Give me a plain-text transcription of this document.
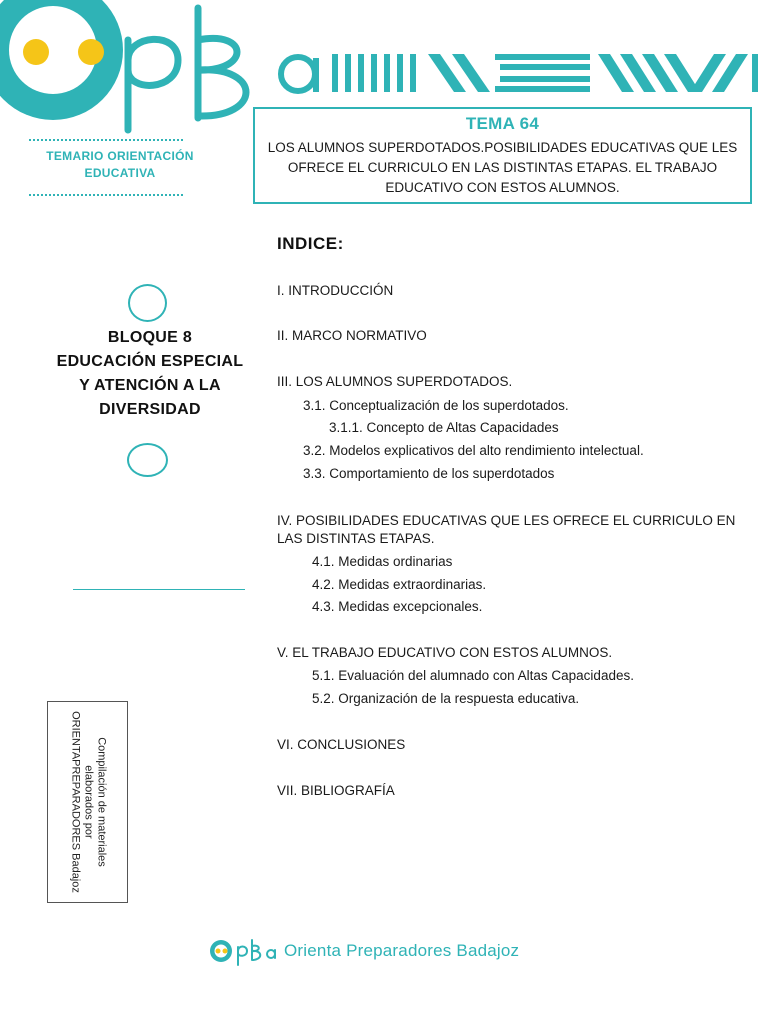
TEMA 64
LOS ALUMNOS SUPERDOTADOS.POSIBILIDADES EDUCATIVAS QUE LES OFRECE EL CURRICULO EN LAS DISTINTAS ETAPAS. EL TRABAJO EDUCATIVO CON ESTOS ALUMNOS.
TEMARIO ORIENTACIÓN
EDUCATIVA
BLOQUE 8
EDUCACIÓN ESPECIAL
Y ATENCIÓN A LA
DIVERSIDAD
Compilación de materiales
elaborados por
ORIENTAPREPARADORES Badajoz
INDICE:
I. INTRODUCCIÓN
II. MARCO NORMATIVO
III. LOS ALUMNOS SUPERDOTADOS.
3.1. Conceptualización de los superdotados.
3.1.1. Concepto de Altas Capacidades
3.2. Modelos explicativos del alto rendimiento intelectual.
3.3. Comportamiento de los superdotados
IV. POSIBILIDADES EDUCATIVAS QUE LES OFRECE EL CURRICULO EN LAS DISTINTAS ETAPAS.
4.1. Medidas ordinarias
4.2. Medidas extraordinarias.
4.3. Medidas excepcionales.
V. EL TRABAJO EDUCATIVO CON ESTOS ALUMNOS.
5.1. Evaluación del alumnado con Altas Capacidades.
5.2. Organización de la respuesta educativa.
VI. CONCLUSIONES
VII. BIBLIOGRAFÍA
Orienta Preparadores Badajoz
